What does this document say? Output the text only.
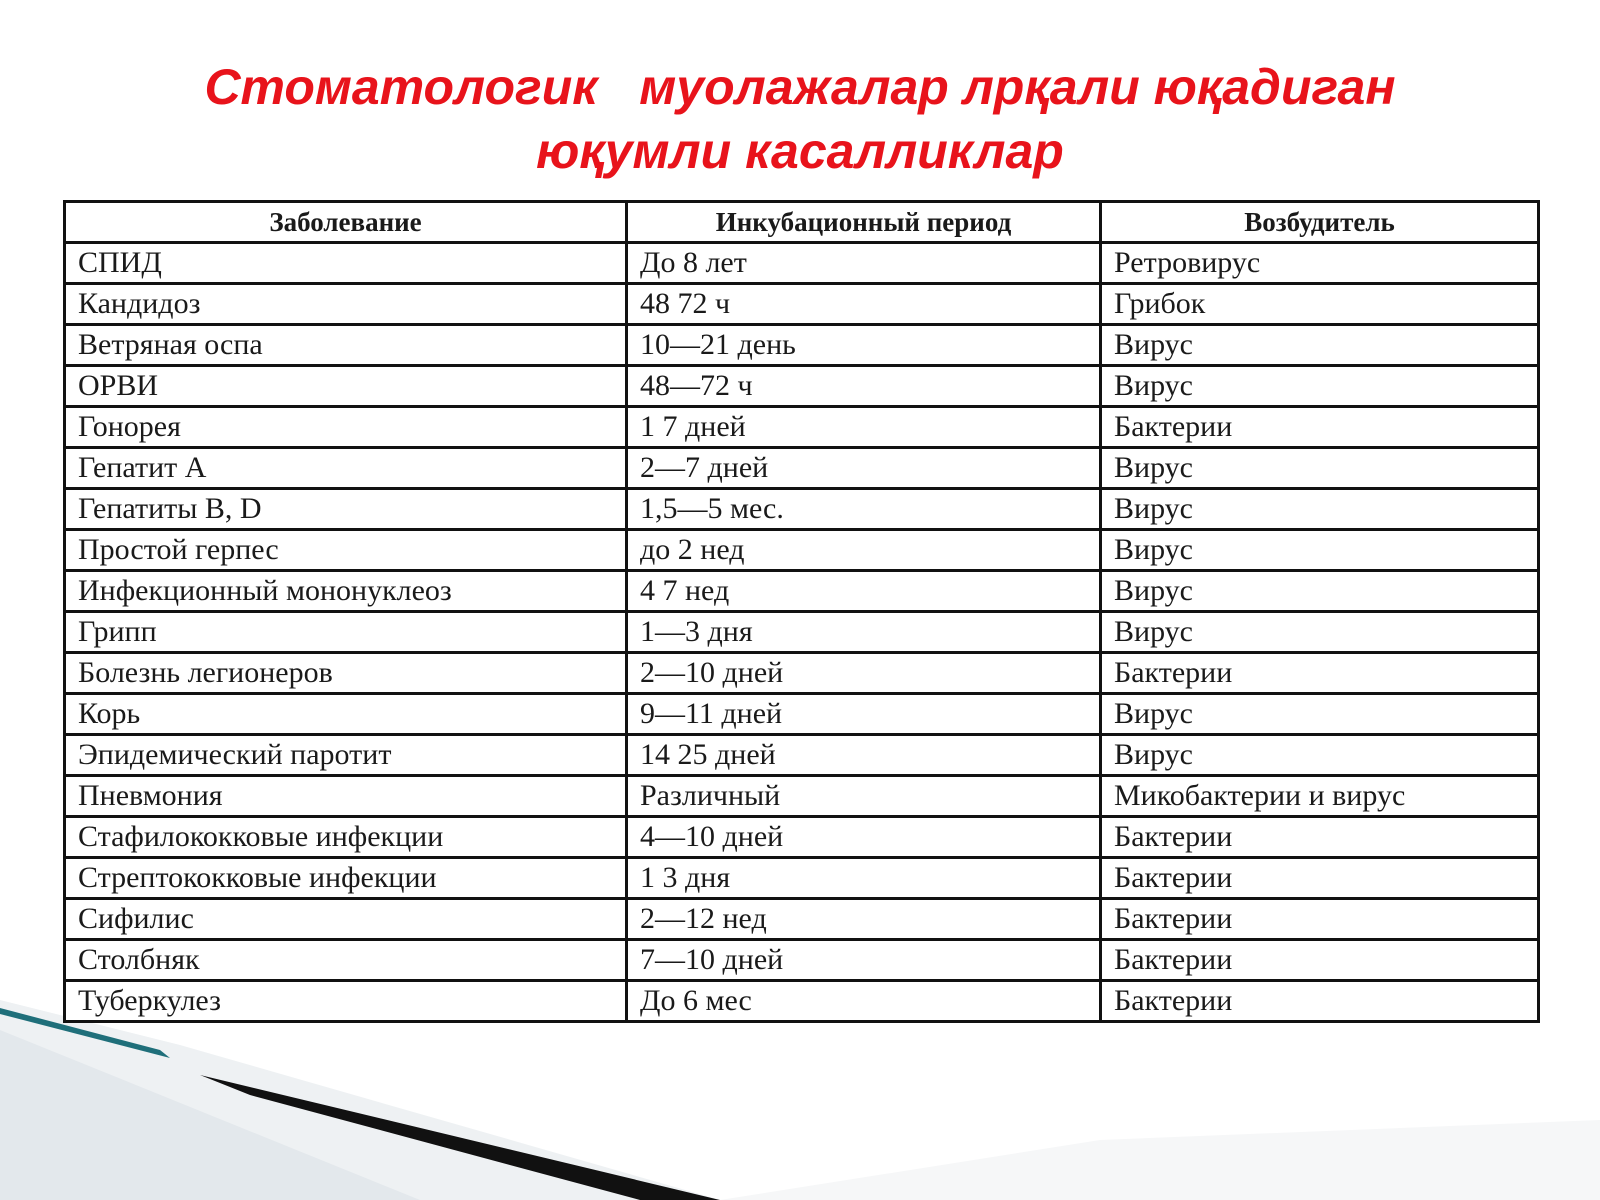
Стоматологик   муолажалар лрқали юқадиган
юқумли касалликлар
Заболевание	Инкубационный период	Возбудитель
СПИД	До 8 лет	Ретровирус
Кандидоз	48 72 ч	Грибок
Ветряная оспа	10—21 день	Вирус
ОРВИ	48—72 ч	Вирус
Гонорея	1 7 дней	Бактерии
Гепатит А	2—7 дней	Вирус
Гепатиты B, D	1,5—5 мес.	Вирус
Простой герпес	до 2 нед	Вирус
Инфекционный мононуклеоз	4 7 нед	Вирус
Грипп	1—3 дня	Вирус
Болезнь легионеров	2—10 дней	Бактерии
Корь	9—11 дней	Вирус
Эпидемический паротит	14 25 дней	Вирус
Пневмония	Различный	Микобактерии и вирус
Стафилококковые инфекции	4—10 дней	Бактерии
Стрептококковые инфекции	1 3 дня	Бактерии
Сифилис	2—12 нед	Бактерии
Столбняк	7—10 дней	Бактерии
Туберкулез	До 6 мес	Бактерии
